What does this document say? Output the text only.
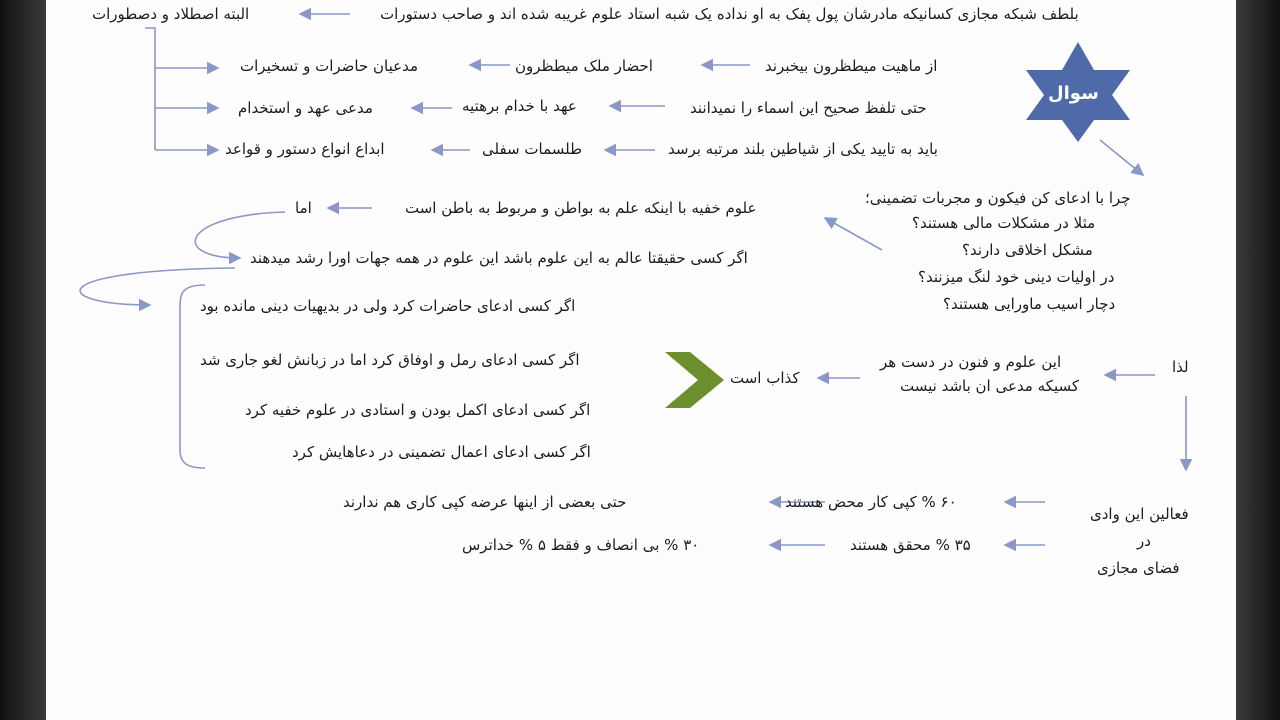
بلطف شبکه مجازی کسانیکه مادرشان پول پفک به او نداده یک شبه استاد علوم غریبه شده اند و صاحب دستورات
البته اصطلاد و دصطورات
سوال
از ماهیت میطظرون بیخبرند
احضار ملک میطظرون
مدعیان حاضرات و تسخیرات
حتی تلفظ صحیح این اسماء را نمیدانند
عهد با خدام برهتیه
مدعی عهد و استخدام
باید به تایید یکی از شیاطین بلند مرتبه برسد
طلسمات سفلی
ابداع انواع دستور و قواعد
چرا با ادعای کن فیکون و مجربات تضمینی؛
مثلا در مشکلات مالی هستند؟
مشکل اخلاقی دارند؟
در اولیات دینی خود لنگ میزنند؟
دچار اسیب ماورایی هستند؟
علوم خفیه با اینکه علم به بواطن و مربوط به باطن است
اما
اگر کسی حقیقتا عالم به این علوم باشد این علوم در همه جهات اورا رشد میدهند
اگر کسی ادعای حاضرات کرد ولی در بدیهیات دینی مانده بود
اگر کسی ادعای رمل و اوفاق کرد اما در زبانش لغو جاری شد
اگر کسی ادعای اکمل بودن و استادی در علوم خفیه کرد
اگر کسی ادعای اعمال تضمینی در دعاهایش کرد
کذاب است
این علوم و فنون در دست هر
کسیکه مدعی ان باشد نیست
لذا
فعالین این وادی
در
فضای مجازی
۶۰ % کپی کار محض هستند
حتی بعضی از اینها عرضه کپی کاری هم ندارند
۳۵ % محقق هستند
۳۰ % بی انصاف و فقط ۵ % خداترس
